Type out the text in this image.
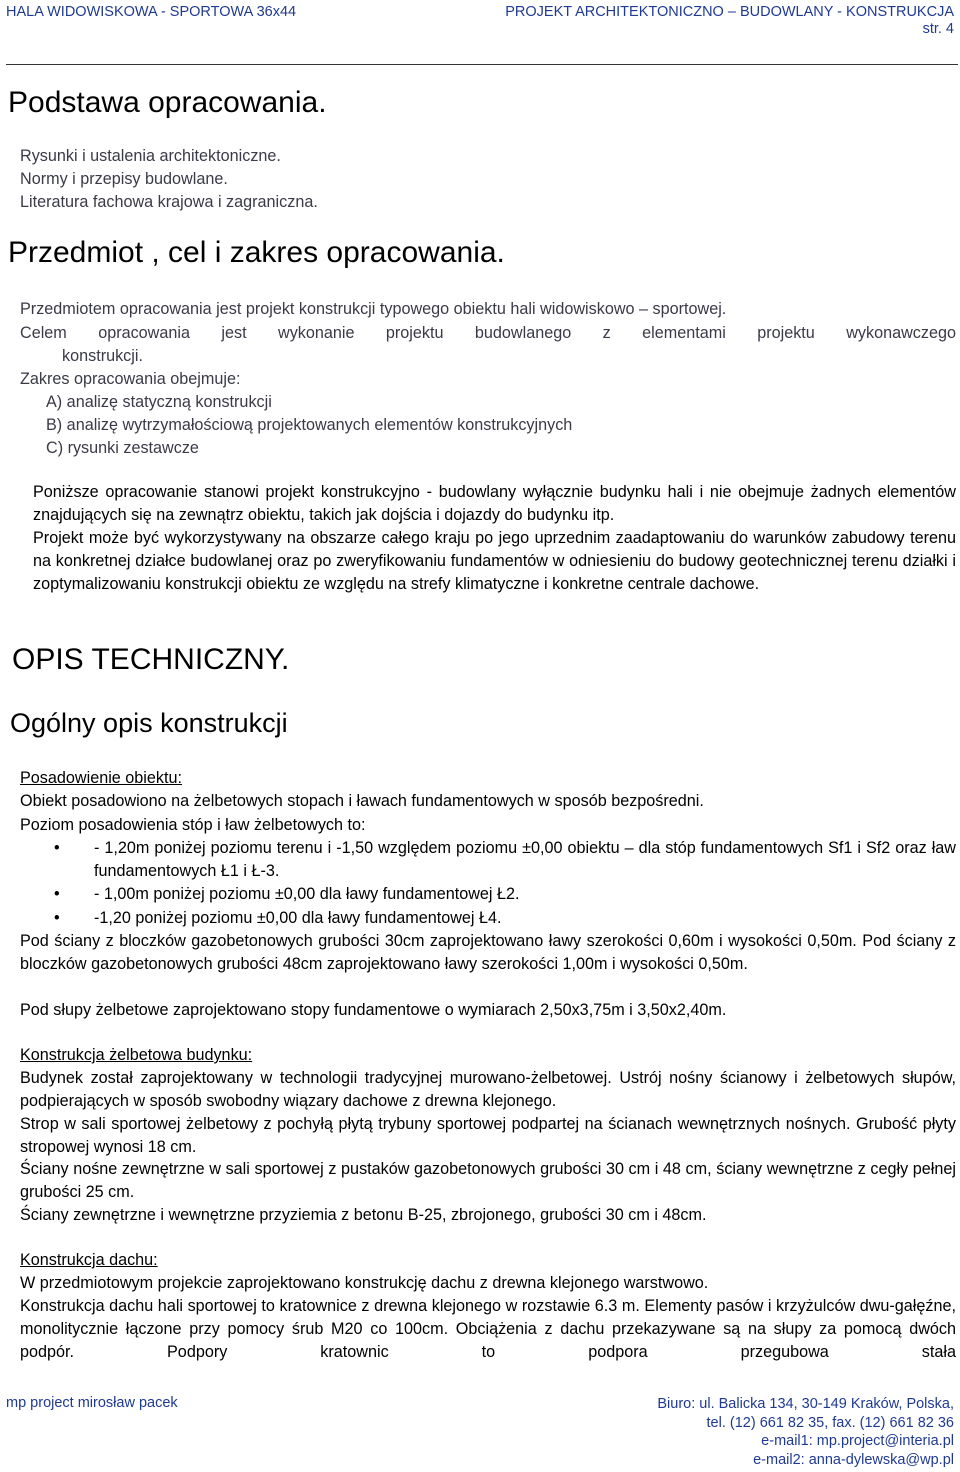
HALA WIDOWISKOWA - SPORTOWA 36x44	PROJEKT ARCHITEKTONICZNO – BUDOWLANY - KONSTRUKCJA
str. 4
Podstawa opracowania.
Rysunki i ustalenia architektoniczne.
Normy i przepisy budowlane.
Literatura fachowa krajowa i zagraniczna.
Przedmiot , cel i zakres opracowania.
Przedmiotem opracowania jest projekt konstrukcji typowego obiektu hali widowiskowo – sportowej.
Celem opracowania jest wykonanie projektu budowlanego z elementami projektu wykonawczego
konstrukcji.
Zakres opracowania obejmuje:
A) analizę statyczną konstrukcji
B) analizę wytrzymałościową projektowanych elementów konstrukcyjnych
C) rysunki zestawcze
Poniższe opracowanie stanowi projekt konstrukcyjno - budowlany wyłącznie budynku hali i nie obejmuje żadnych elementów znajdujących się na zewnątrz obiektu, takich jak dojścia i dojazdy do budynku itp.
Projekt może być wykorzystywany na obszarze całego kraju po jego uprzednim zaadaptowaniu do warunków zabudowy terenu na konkretnej działce budowlanej oraz po zweryfikowaniu fundamentów w odniesieniu do budowy geotechnicznej terenu działki i zoptymalizowaniu konstrukcji obiektu ze względu na strefy klimatyczne i konkretne centrale dachowe.
OPIS TECHNICZNY.
Ogólny opis konstrukcji
Posadowienie obiektu:
Obiekt posadowiono na żelbetowych stopach i ławach fundamentowych w sposób bezpośredni.
Poziom posadowienia stóp i ław żelbetowych to:
• - 1,20m poniżej poziomu terenu i -1,50 względem poziomu ±0,00 obiektu – dla stóp fundamentowych Sf1 i Sf2 oraz ław fundamentowych Ł1 i Ł-3.
• - 1,00m poniżej poziomu ±0,00 dla ławy fundamentowej Ł2.
• -1,20 poniżej poziomu ±0,00 dla ławy fundamentowej Ł4.
Pod ściany z bloczków gazobetonowych grubości 30cm zaprojektowano ławy szerokości 0,60m i wysokości 0,50m. Pod ściany z bloczków gazobetonowych grubości 48cm zaprojektowano ławy szerokości 1,00m i wysokości 0,50m.
Pod słupy żelbetowe zaprojektowano stopy fundamentowe o wymiarach 2,50x3,75m i 3,50x2,40m.
Konstrukcja żelbetowa budynku:
Budynek został zaprojektowany w technologii tradycyjnej murowano-żelbetowej. Ustrój nośny ścianowy i żelbetowych słupów, podpierających w sposób swobodny wiązary dachowe z drewna klejonego.
Strop w sali sportowej żelbetowy z pochyłą płytą trybuny sportowej podpartej na ścianach wewnętrznych nośnych. Grubość płyty stropowej wynosi 18 cm.
Ściany nośne zewnętrzne w sali sportowej z pustaków gazobetonowych grubości 30 cm i 48 cm, ściany wewnętrzne z cegły pełnej grubości 25 cm.
Ściany zewnętrzne i wewnętrzne przyziemia z betonu B-25, zbrojonego, grubości 30 cm i 48cm.
Konstrukcja dachu:
W przedmiotowym projekcie zaprojektowano konstrukcję dachu z drewna klejonego warstwowo.
Konstrukcja dachu hali sportowej to kratownice z drewna klejonego w rozstawie 6.3 m. Elementy pasów i krzyżulców dwu-gałęźne, monolitycznie łączone przy pomocy śrub M20 co 100cm. Obciążenia z dachu przekazywane są na słupy za pomocą dwóch podpór. Podpory kratownic to podpora przegubowa stała
mp project mirosław pacek	Biuro: ul. Balicka 134, 30-149 Kraków, Polska,
tel. (12) 661 82 35, fax. (12) 661 82 36
e-mail1: mp.project@interia.pl
e-mail2: anna-dylewska@wp.pl
